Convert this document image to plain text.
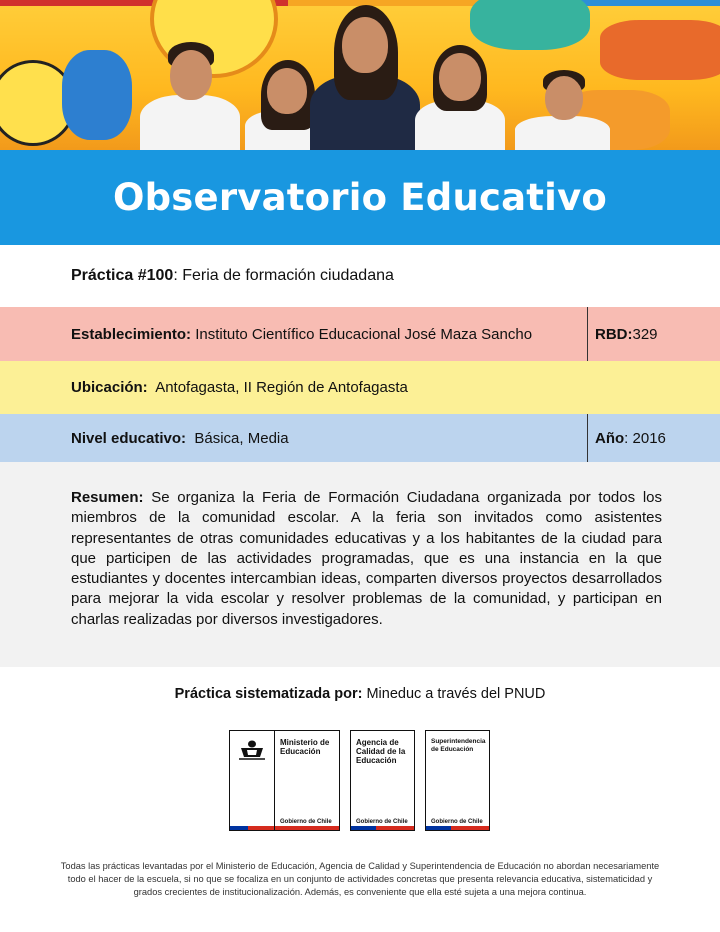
Observatorio Educativo
Práctica #100: Feria de formación ciudadana
Establecimiento: Instituto Científico Educacional José Maza Sancho	RBD: 329
Ubicación:  Antofagasta, II Región de Antofagasta
Nivel educativo:  Básica, Media	Año : 2016

Resumen: Se organiza la Feria de Formación Ciudadana organizada por todos los miembros de la comunidad escolar. A la feria son invitados como asistentes representantes de otras comunidades educativas y a los habitantes de la ciudad para que participen de las actividades programadas, que es una instancia en la que estudiantes y docentes intercambian ideas, comparten diversos proyectos desarrollados para mejorar la vida escolar y resolver problemas de la comunidad, y participan en charlas realizadas por diversos investigadores.

Práctica sistematizada por: Mineduc a través del PNUD
Ministerio de Educación
Gobierno de Chile
Agencia de Calidad de la Educación
Gobierno de Chile
Superintendencia de Educación
Gobierno de Chile
Todas las prácticas levantadas por el Ministerio de Educación, Agencia de Calidad y Superintendencia de Educación no abordan necesariamente todo el hacer de la escuela, si no que se focaliza en un conjunto de actividades concretas que presenta relevancia educativa, sistematicidad y grados crecientes de institucionalización. Además, es conveniente que ella esté sujeta a una mejora continua.
